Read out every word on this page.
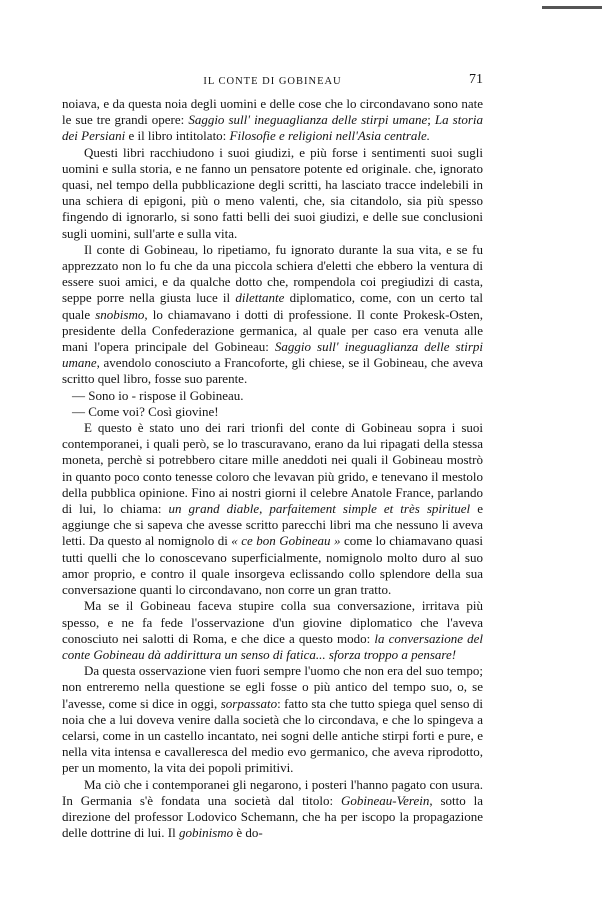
IL CONTE DI GOBINEAU	71

noiava, e da questa noia degli uomini e delle cose che lo circondavano sono nate le sue tre grandi opere: Saggio sull' ineguaglianza delle stirpi umane; La storia dei Persiani e il libro intitolato: Filosofie e religioni nell'Asia centrale.

Questi libri racchiudono i suoi giudizi, e più forse i sentimenti suoi sugli uomini e sulla storia, e ne fanno un pensatore potente ed originale. che, ignorato quasi, nel tempo della pubblicazione degli scritti, ha lasciato tracce indelebili in una schiera di epigoni, più o meno valenti, che, sia citandolo, sia più spesso fingendo di ignorarlo, si sono fatti belli dei suoi giudizi, e delle sue conclusioni sugli uomini, sull'arte e sulla vita.

Il conte di Gobineau, lo ripetiamo, fu ignorato durante la sua vita, e se fu apprezzato non lo fu che da una piccola schiera d'eletti che ebbero la ventura di essere suoi amici, e da qualche dotto che, rompendola coi pregiudizi di casta, seppe porre nella giusta luce il dilettante diplomatico, come, con un certo tal quale snobismo, lo chiamavano i dotti di professione. Il conte Prokesk-Osten, presidente della Confederazione germanica, al quale per caso era venuta alle mani l'opera principale del Gobineau: Saggio sull' ineguaglianza delle stirpi umane, avendolo conosciuto a Francoforte, gli chiese, se il Gobineau, che aveva scritto quel libro, fosse suo parente.

— Sono io - rispose il Gobineau.

— Come voi? Così giovine!

E questo è stato uno dei rari trionfi del conte di Gobineau sopra i suoi contemporanei, i quali però, se lo trascuravano, erano da lui ripagati della stessa moneta, perchè si potrebbero citare mille aneddoti nei quali il Gobineau mostrò in quanto poco conto tenesse coloro che levavan più grido, e tenevano il mestolo della pubblica opinione. Fino ai nostri giorni il celebre Anatole France, parlando di lui, lo chiama: un grand diable, parfaitement simple et très spirituel e aggiunge che si sapeva che avesse scritto parecchi libri ma che nessuno li aveva letti. Da questo al nomignolo di « ce bon Gobineau » come lo chiamavano quasi tutti quelli che lo conoscevano superficialmente, nomignolo molto duro al suo amor proprio, e contro il quale insorgeva eclissando collo splendore della sua conversazione quanti lo circondavano, non corre un gran tratto.

Ma se il Gobineau faceva stupire colla sua conversazione, irritava più spesso, e ne fa fede l'osservazione d'un giovine diplomatico che l'aveva conosciuto nei salotti di Roma, e che dice a questo modo: la conversazione del conte Gobineau dà addirittura un senso di fatica... sforza troppo a pensare!

Da questa osservazione vien fuori sempre l'uomo che non era del suo tempo; non entreremo nella questione se egli fosse o più antico del tempo suo, o, se l'avesse, come si dice in oggi, sorpassato: fatto sta che tutto spiega quel senso di noia che a lui doveva venire dalla società che lo circondava, e che lo spingeva a celarsi, come in un castello incantato, nei sogni delle antiche stirpi forti e pure, e nella vita intensa e cavalleresca del medio evo germanico, che aveva riprodotto, per un momento, la vita dei popoli primitivi.

Ma ciò che i contemporanei gli negarono, i posteri l'hanno pagato con usura. In Germania s'è fondata una società dal titolo: Gobineau-Verein, sotto la direzione del professor Lodovico Schemann, che ha per iscopo la propagazione delle dottrine di lui. Il gobinismo è do-
